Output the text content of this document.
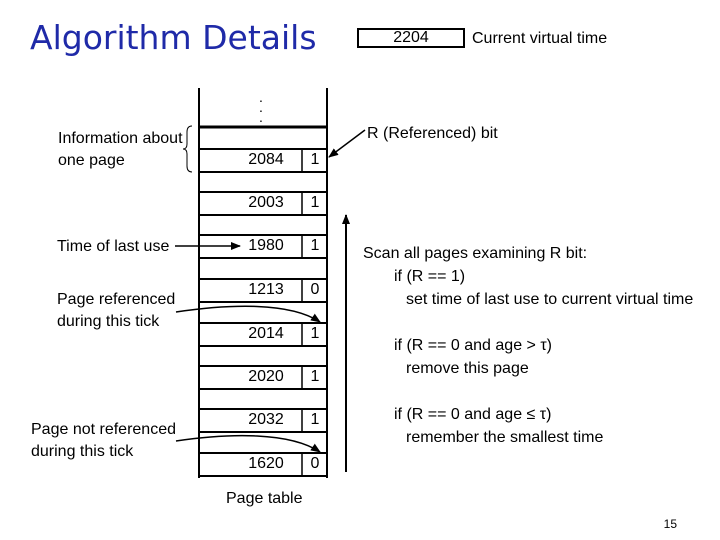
Algorithm Details	2204	Current virtual time
. . .
2084	1
2003	1
1980	1
1213	0
2014	1
2020	1
2032	1
1620	0
Page table
Information about
one page
Time of last use
Page referenced
during this tick
Page not referenced
during this tick
R (Referenced) bit
Scan all pages examining R bit:
if (R == 1)
set time of last use to current virtual time
if (R == 0 and age > τ)
remove this page
if (R == 0 and age ≤ τ)
remember the smallest time
15
